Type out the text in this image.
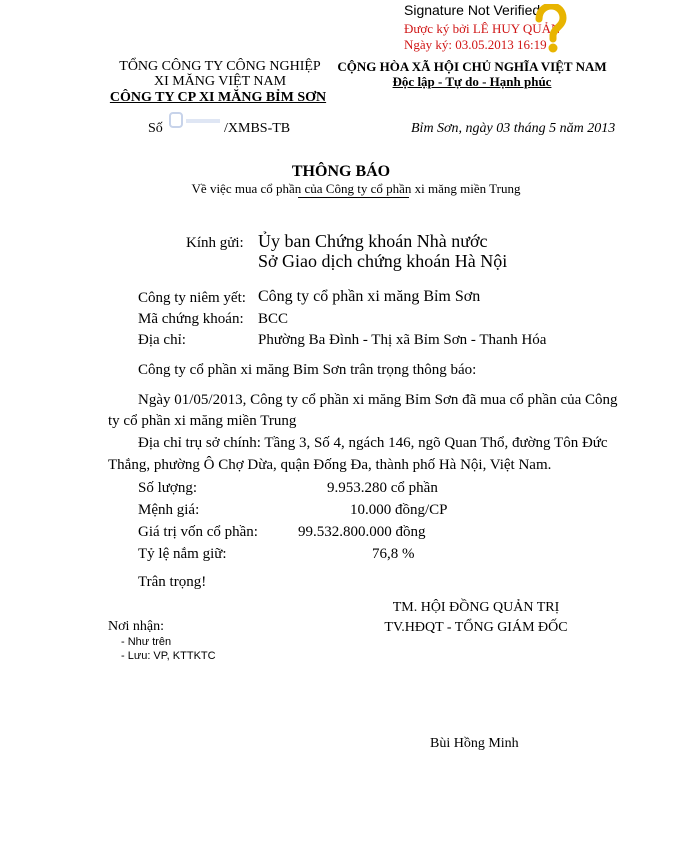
Signature Not Verified
Được ký bởi LÊ HUY QUẢN
Ngày ký: 03.05.2013 16:19
TỔNG CÔNG TY CÔNG NGHIỆP
XI MĂNG VIỆT NAM
CÔNG TY CP XI MĂNG BỈM SƠN
CỘNG HÒA XÃ HỘI CHỦ NGHĨA VIỆT NAM
Độc lập - Tự do - Hạnh phúc
Số	/XMBS-TB	Bỉm Sơn, ngày 03 tháng 5 năm 2013
THÔNG BÁO
Về việc mua cổ phần của Công ty cổ phần xi măng miền Trung
Kính gửi: Ủy ban Chứng khoán Nhà nước
Sở Giao dịch chứng khoán Hà Nội
Công ty niêm yết: Công ty cổ phần xi măng Bỉm Sơn
Mã chứng khoán: BCC
Địa chỉ:	Phường Ba Đình - Thị xã Bỉm Sơn - Thanh Hóa
Công ty cổ phần xi măng Bỉm Sơn trân trọng thông báo:
Ngày 01/05/2013, Công ty cổ phần xi măng Bỉm Sơn đã mua cổ phần của Công
ty cổ phần xi măng miền Trung
Địa chỉ trụ sở chính: Tầng 3, Số 4, ngách 146, ngõ Quan Thổ, đường Tôn Đức
Thắng, phường Ô Chợ Dừa, quận Đống Đa, thành phố Hà Nội, Việt Nam.
Số lượng:	9.953.280 cổ phần
Mệnh giá:	10.000 đồng/CP
Giá trị vốn cổ phần:	99.532.800.000 đồng
Tỷ lệ nắm giữ:	76,8 %
Trân trọng!
TM. HỘI ĐỒNG QUẢN TRỊ
TV.HĐQT - TỔNG GIÁM ĐỐC
Bùi Hồng Minh
Nơi nhận:
- Như trên
- Lưu: VP, KTTKTC
